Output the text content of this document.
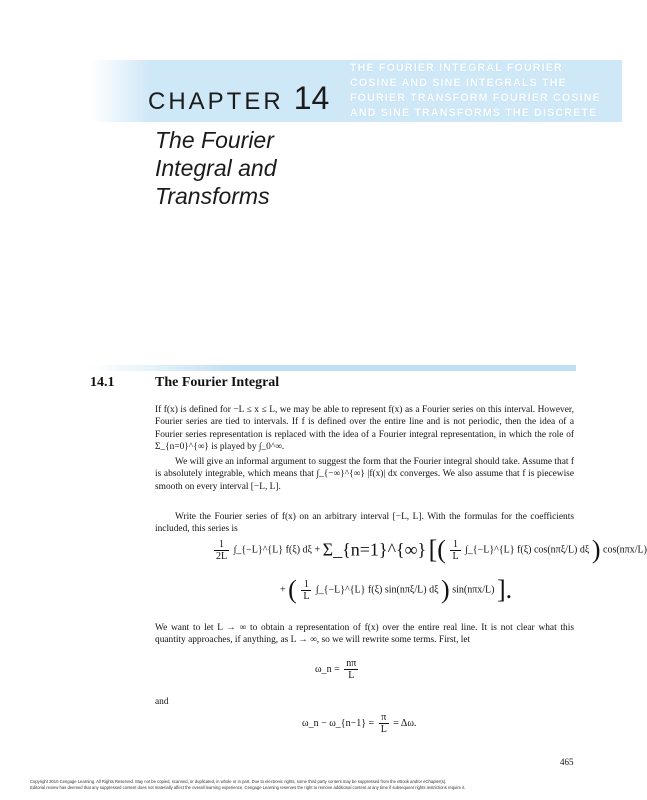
THE FOURIER INTEGRAL FOURIER
COSINE AND SINE INTEGRALS THE
FOURIER TRANSFORM FOURIER COSINE
AND SINE TRANSFORMS THE DISCRETE
CHAPTER 14
The Fourier
Integral and
Transforms
14.1	The Fourier Integral
If f(x) is defined for −L ≤ x ≤ L, we may be able to represent f(x) as a Fourier series on this interval. However, Fourier series are tied to intervals. If f is defined over the entire line and is not periodic, then the idea of a Fourier series representation is replaced with the idea of a Fourier integral representation, in which the role of Σ_{n=0}^{∞} is played by ∫_0^∞.
We will give an informal argument to suggest the form that the Fourier integral should take. Assume that f is absolutely integrable, which means that ∫_{−∞}^{∞} |f(x)| dx converges. We also assume that f is piecewise smooth on every interval [−L, L].
Write the Fourier series of f(x) on an arbitrary interval [−L, L]. With the formulas for the coefficients included, this series is
$\frac{1}{2L}$ ∫_{−L}^{L} f(ξ) dξ + Σ_{n=1}^{∞} [( $\frac{1}{L}$ ∫_{−L}^{L} f(ξ) cos(nπξ/L) dξ ) cos(nπx/L)
+ ( $\frac{1}{L}$ ∫_{−L}^{L} f(ξ) sin(nπξ/L) dξ ) sin(nπx/L) ].
We want to let L → ∞ to obtain a representation of f(x) over the entire real line. It is not clear what this quantity approaches, if anything, as L → ∞, so we will rewrite some terms. First, let
ω_n = $\frac{n\pi}{L}$
and
ω_n − ω_{n−1} = $\frac{\pi}{L} = \Delta\omega$.
465
Copyright 2010 Cengage Learning. All Rights Reserved. May not be copied, scanned, or duplicated, in whole or in part. Due to electronic rights, some third party content may be suppressed from the eBook and/or eChapter(s).
Editorial review has deemed that any suppressed content does not materially affect the overall learning experience. Cengage Learning reserves the right to remove additional content at any time if subsequent rights restrictions require it.
